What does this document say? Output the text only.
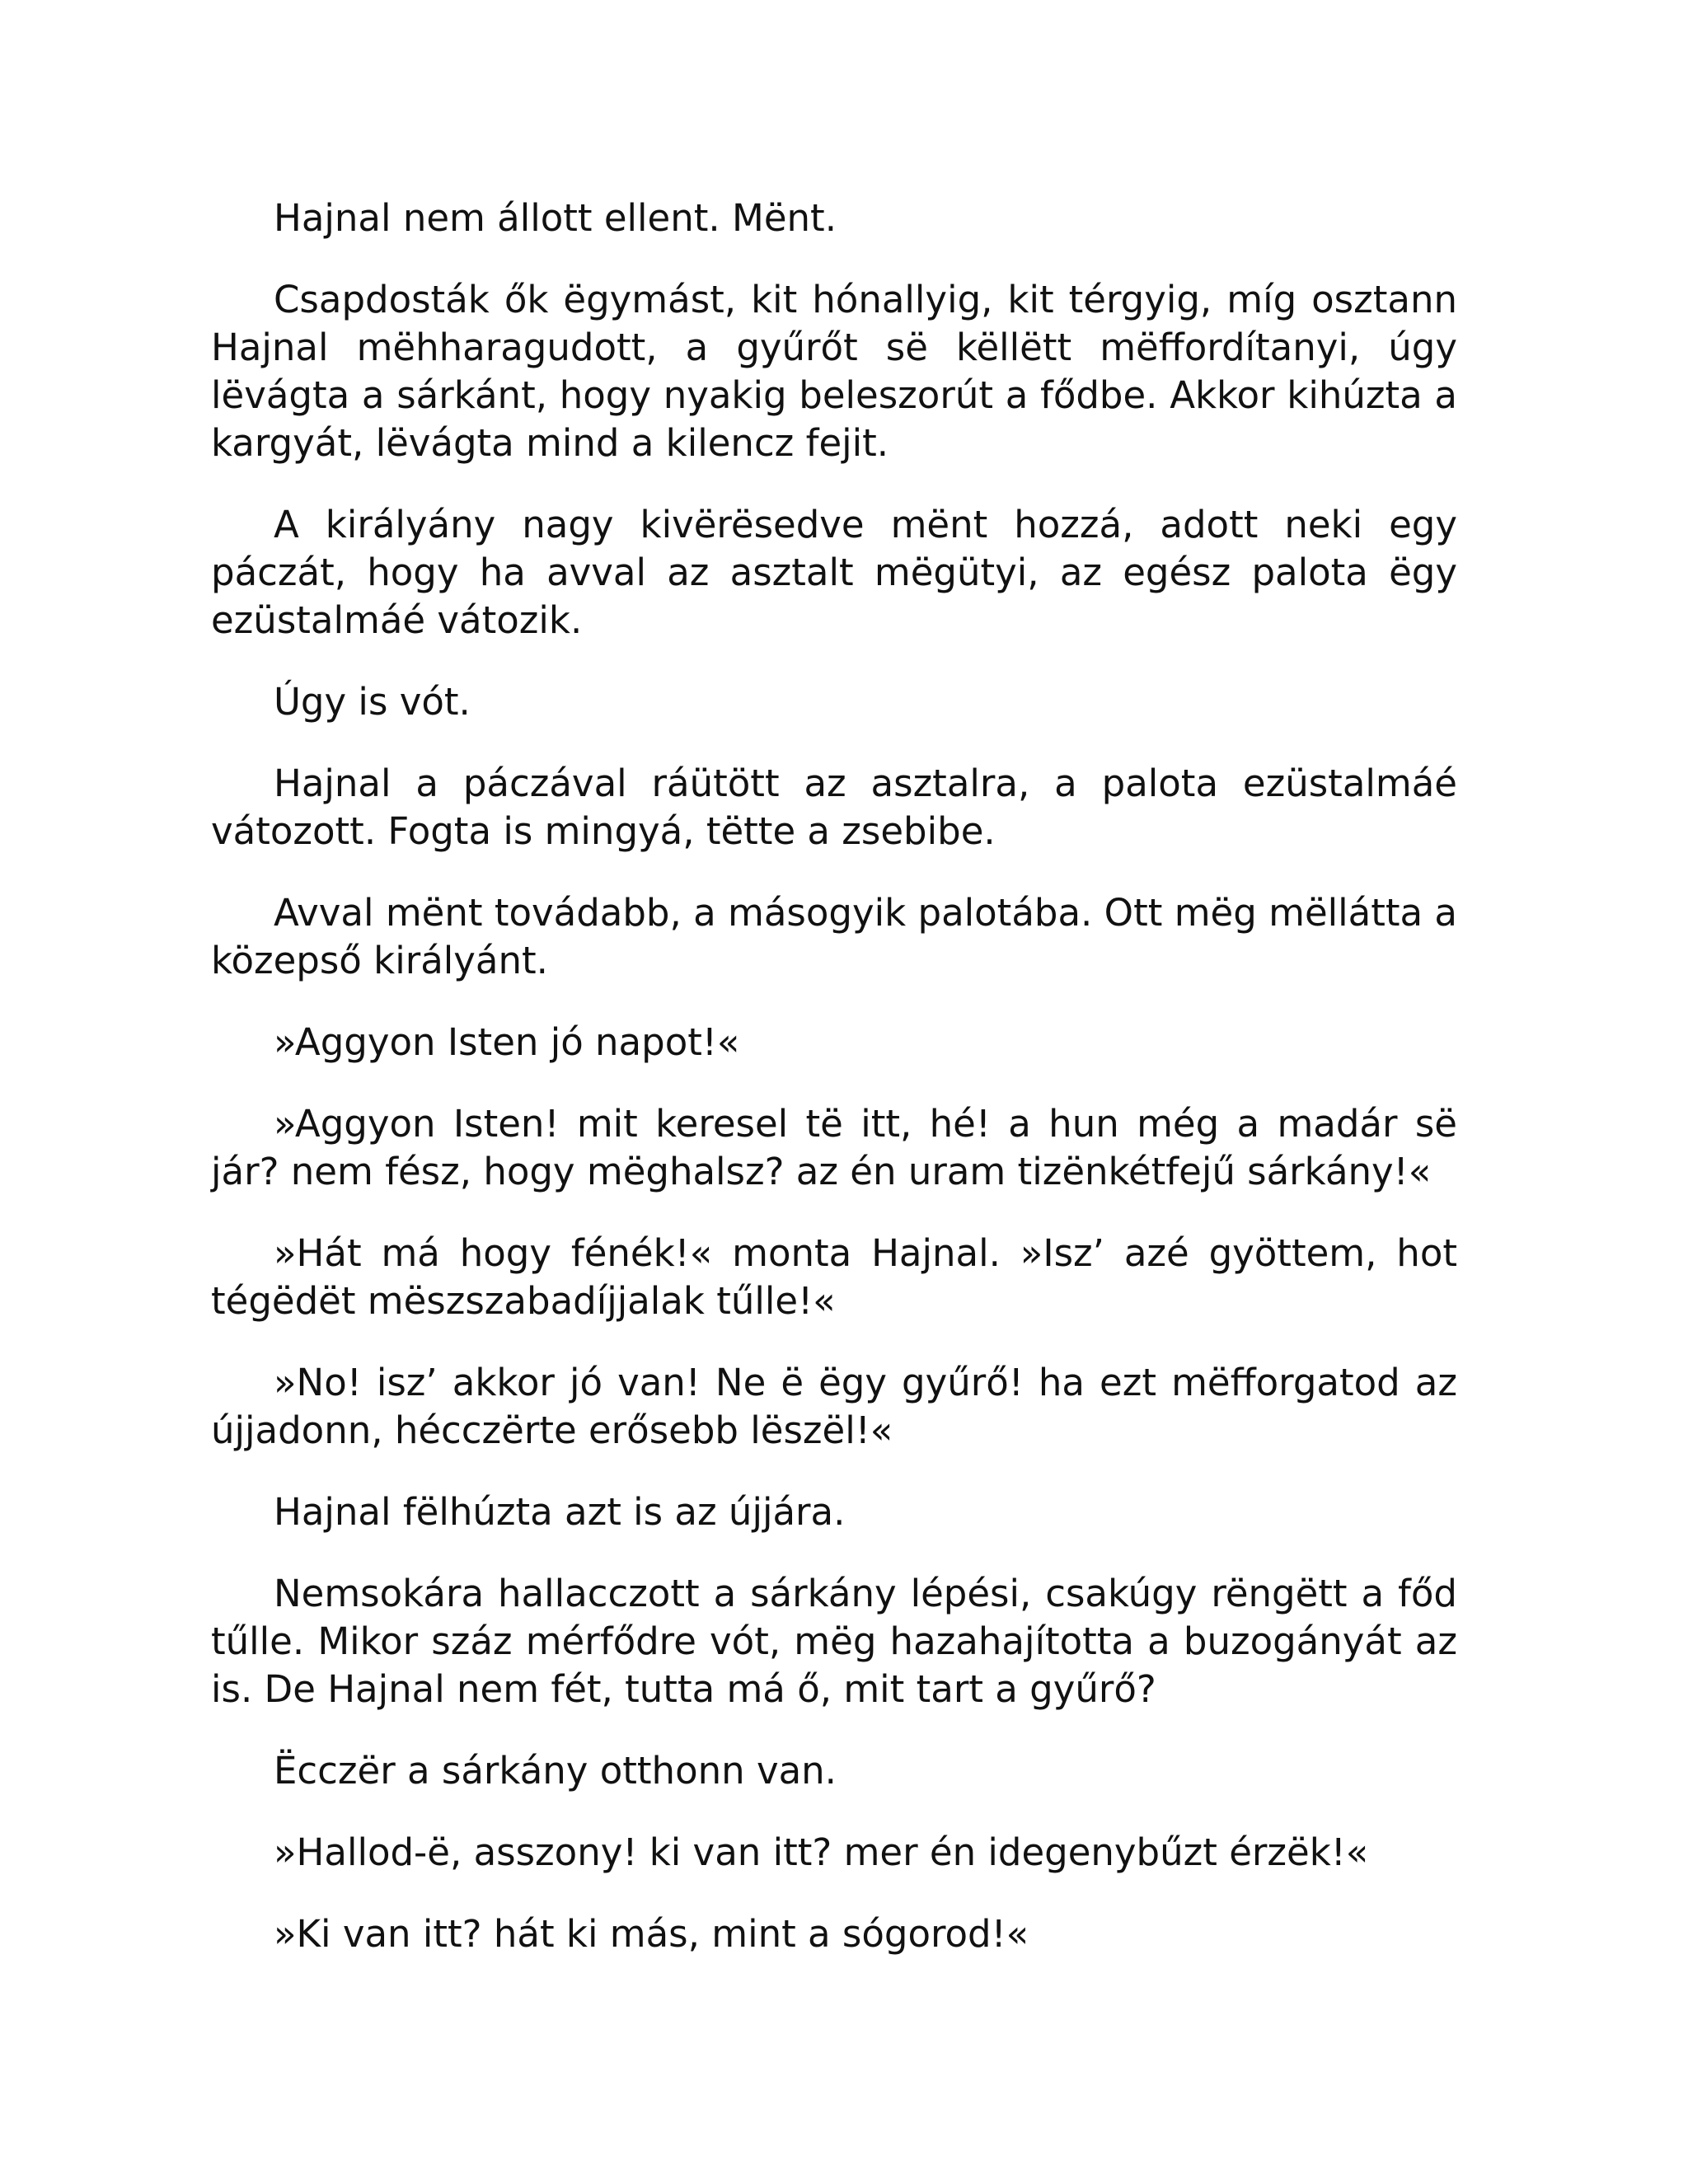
Hajnal nem állott ellent. Mënt.

Csapdosták ők ëgymást, kit hónallyig, kit térgyig, míg osztann Hajnal mëhharagudott, a gyűrőt së këllëtt mëffordítanyi, úgy lëvágta a sárkánt, hogy nyakig beleszorút a fődbe. Akkor kihúzta a kargyát, lëvágta mind a kilencz fejit.

A királyány nagy kivërësedve mënt hozzá, adott neki egy páczát, hogy ha avval az asztalt mëgütyi, az egész palota ëgy ezüstalmáé vátozik.

Úgy is vót.

Hajnal a páczával ráütött az asztalra, a palota ezüstalmáé vátozott. Fogta is mingyá, tëtte a zsebibe.

Avval mënt továdabb, a másogyik palotába. Ott mëg mëllátta a közepső királyánt.

»Aggyon Isten jó napot!«

»Aggyon Isten! mit keresel të itt, hé! a hun még a madár së jár? nem fész, hogy mëghalsz? az én uram tizënkétfejű sárkány!«

»Hát má hogy fénék!« monta Hajnal. »Isz’ azé gyöttem, hot tégëdët mëszszabadíjjalak tűlle!«

»No! isz’ akkor jó van! Ne ë ëgy gyűrő! ha ezt mëfforgatod az újjadonn, hécczërte erősebb lëszël!«

Hajnal fëlhúzta azt is az újjára.

Nemsokára hallacczott a sárkány lépési, csakúgy rëngëtt a főd tűlle. Mikor száz mérfődre vót, mëg hazahajította a buzogányát az is. De Hajnal nem fét, tutta má ő, mit tart a gyűrő?

Ëcczër a sárkány otthonn van.

»Hallod-ë, asszony! ki van itt? mer én idegenybűzt érzëk!«

»Ki van itt? hát ki más, mint a sógorod!«
